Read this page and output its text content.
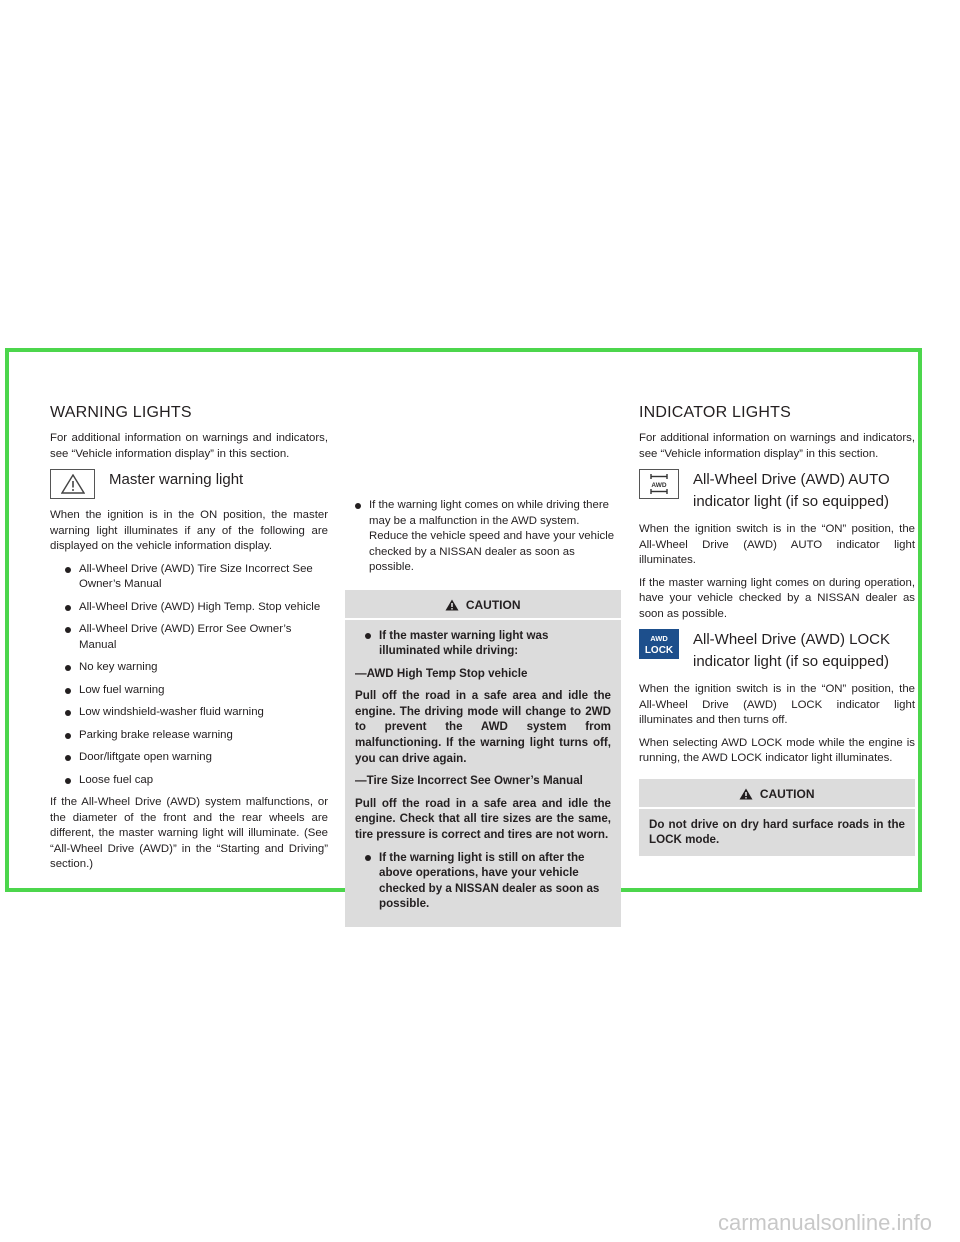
WARNING LIGHTS

For additional information on warnings and indicators, see “Vehicle information display” in this section.

Master warning light

When the ignition is in the ON position, the master warning light illuminates if any of the following are displayed on the vehicle information display.

All-Wheel Drive (AWD) Tire Size Incorrect See Owner’s Manual
All-Wheel Drive (AWD) High Temp. Stop vehicle
All-Wheel Drive (AWD) Error See Owner’s Manual
No key warning
Low fuel warning
Low windshield-washer fluid warning
Parking brake release warning
Door/liftgate open warning
Loose fuel cap

If the All-Wheel Drive (AWD) system malfunctions, or the diameter of the front and the rear wheels are different, the master warning light will illuminate. (See “All-Wheel Drive (AWD)” in the “Starting and Driving” section.)

If the warning light comes on while driving there may be a malfunction in the AWD system. Reduce the vehicle speed and have your vehicle checked by a NISSAN dealer as soon as possible.
CAUTION
If the master warning light was illuminated while driving:

—AWD High Temp Stop vehicle

Pull off the road in a safe area and idle the engine. The driving mode will change to 2WD to prevent the AWD system from malfunctioning. If the warning light turns off, you can drive again.

—Tire Size Incorrect See Owner’s Manual

Pull off the road in a safe area and idle the engine. Check that all tire sizes are the same, tire pressure is correct and tires are not worn.

If the warning light is still on after the above operations, have your vehicle checked by a NISSAN dealer as soon as possible.
INDICATOR LIGHTS

For additional information on warnings and indicators, see “Vehicle information display” in this section.

AWD All-Wheel Drive (AWD) AUTO indicator light (if so equipped)

When the ignition switch is in the “ON” position, the All-Wheel Drive (AWD) AUTO indicator light illuminates.

If the master warning light comes on during operation, have your vehicle checked by a NISSAN dealer as soon as possible.

AWD
LOCK
All-Wheel Drive (AWD) LOCK indicator light (if so equipped)

When the ignition switch is in the “ON” position, the All-Wheel Drive (AWD) LOCK indicator light illuminates and then turns off.

When selecting AWD LOCK mode while the engine is running, the AWD LOCK indicator light illuminates.

CAUTION

Do not drive on dry hard surface roads in the LOCK mode.

carmanualsonline.info
